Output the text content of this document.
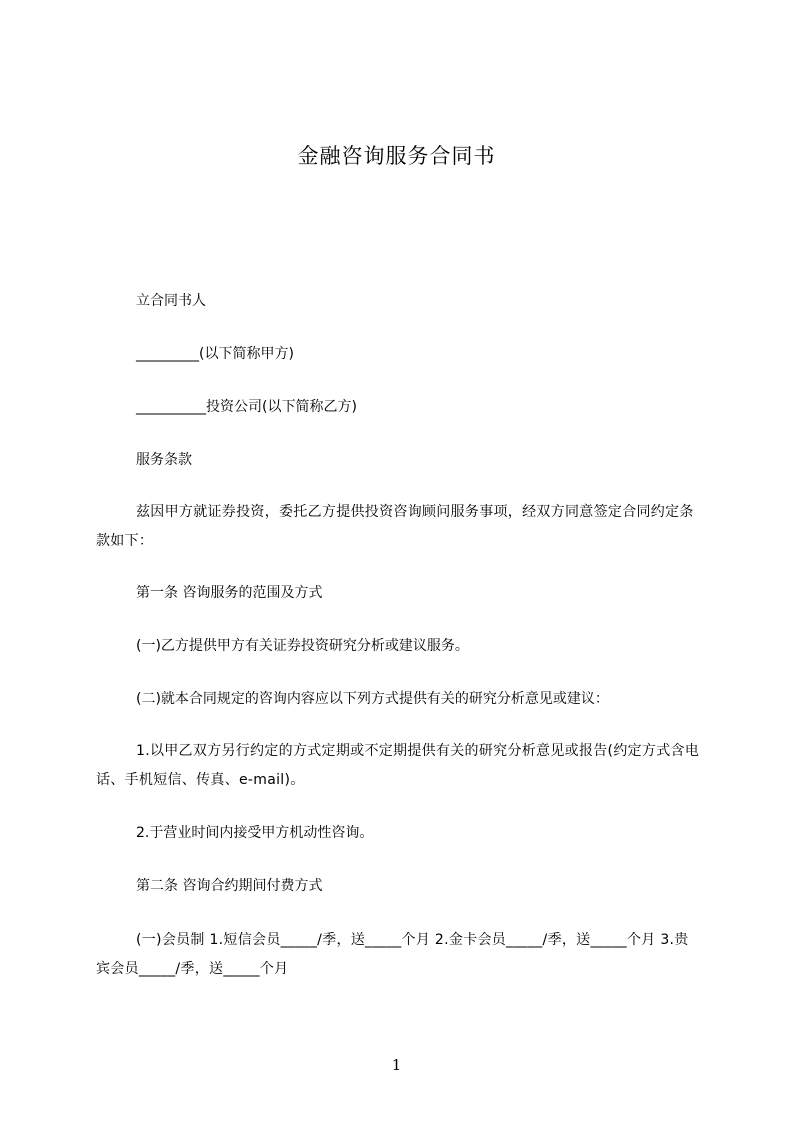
金融咨询服务合同书
立合同书人
_________(以下简称甲方)
__________投资公司(以下简称乙方)
服务条款
兹因甲方就证券投资，委托乙方提供投资咨询顾问服务事项，经双方同意签定合同约定条款如下：
第一条 咨询服务的范围及方式
(一)乙方提供甲方有关证券投资研究分析或建议服务。
(二)就本合同规定的咨询内容应以下列方式提供有关的研究分析意见或建议：
1.以甲乙双方另行约定的方式定期或不定期提供有关的研究分析意见或报告(约定方式含电话、手机短信、传真、e-mail)。
2.于营业时间内接受甲方机动性咨询。
第二条 咨询合约期间付费方式
(一)会员制 1.短信会员_____/季，送_____个月 2.金卡会员_____/季，送_____个月 3.贵宾会员_____/季，送_____个月
1
